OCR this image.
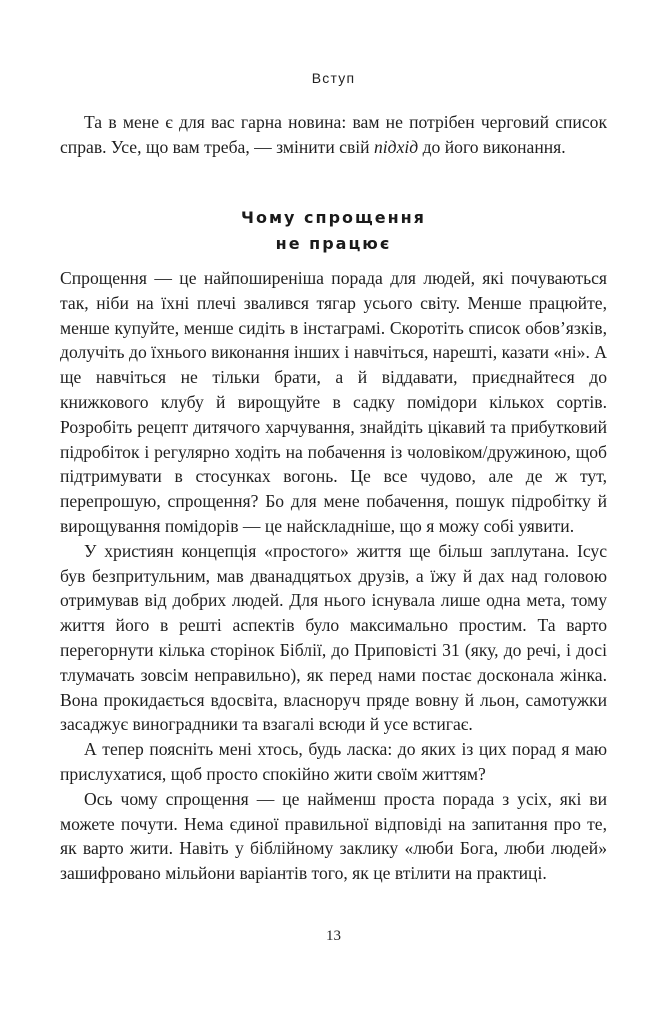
Вступ

Та в мене є для вас гарна новина: вам не потрібен черговий список справ. Усе, що вам треба, — змінити свій підхід до його виконання.

Чому спрощення
не працює

Спрощення — це найпоширеніша порада для людей, які почуваються так, ніби на їхні плечі звалився тягар усього світу. Менше працюйте, менше купуйте, менше сидіть в інстаграмі. Скоротіть список обов’язків, долучіть до їхнього виконання інших і навчіться, нарешті, казати «ні». А ще навчіться не тільки брати, а й віддавати, приєднайтеся до книжкового клубу й вирощуйте в садку помідори кількох сортів. Розробіть рецепт дитячого харчування, знайдіть цікавий та прибутковий підробіток і регулярно ходіть на побачення із чоловіком/дружиною, щоб підтримувати в стосунках вогонь. Це все чудово, але де ж тут, перепрошую, спрощення? Бо для мене побачення, пошук підробітку й вирощування помідорів — це найскладніше, що я можу собі уявити.

У християн концепція «простого» життя ще більш заплутана. Ісус був безпритульним, мав дванадцятьох друзів, а їжу й дах над головою отримував від добрих людей. Для нього існувала лише одна мета, тому життя його в решті аспектів було максимально простим. Та варто перегорнути кілька сторінок Біблії, до Приповісті 31 (яку, до речі, і досі тлумачать зовсім неправильно), як перед нами постає досконала жінка. Вона прокидається вдосвіта, власноруч пряде вовну й льон, самотужки засаджує виноградники та взагалі всюди й усе встигає.

А тепер поясніть мені хтось, будь ласка: до яких із цих порад я маю прислухатися, щоб просто спокійно жити своїм життям?

Ось чому спрощення — це найменш проста порада з усіх, які ви можете почути. Нема єдиної правильної відповіді на запитання про те, як варто жити. Навіть у біблійному заклику «люби Бога, люби людей» зашифровано мільйони варіантів того, як це втілити на практиці.

13
